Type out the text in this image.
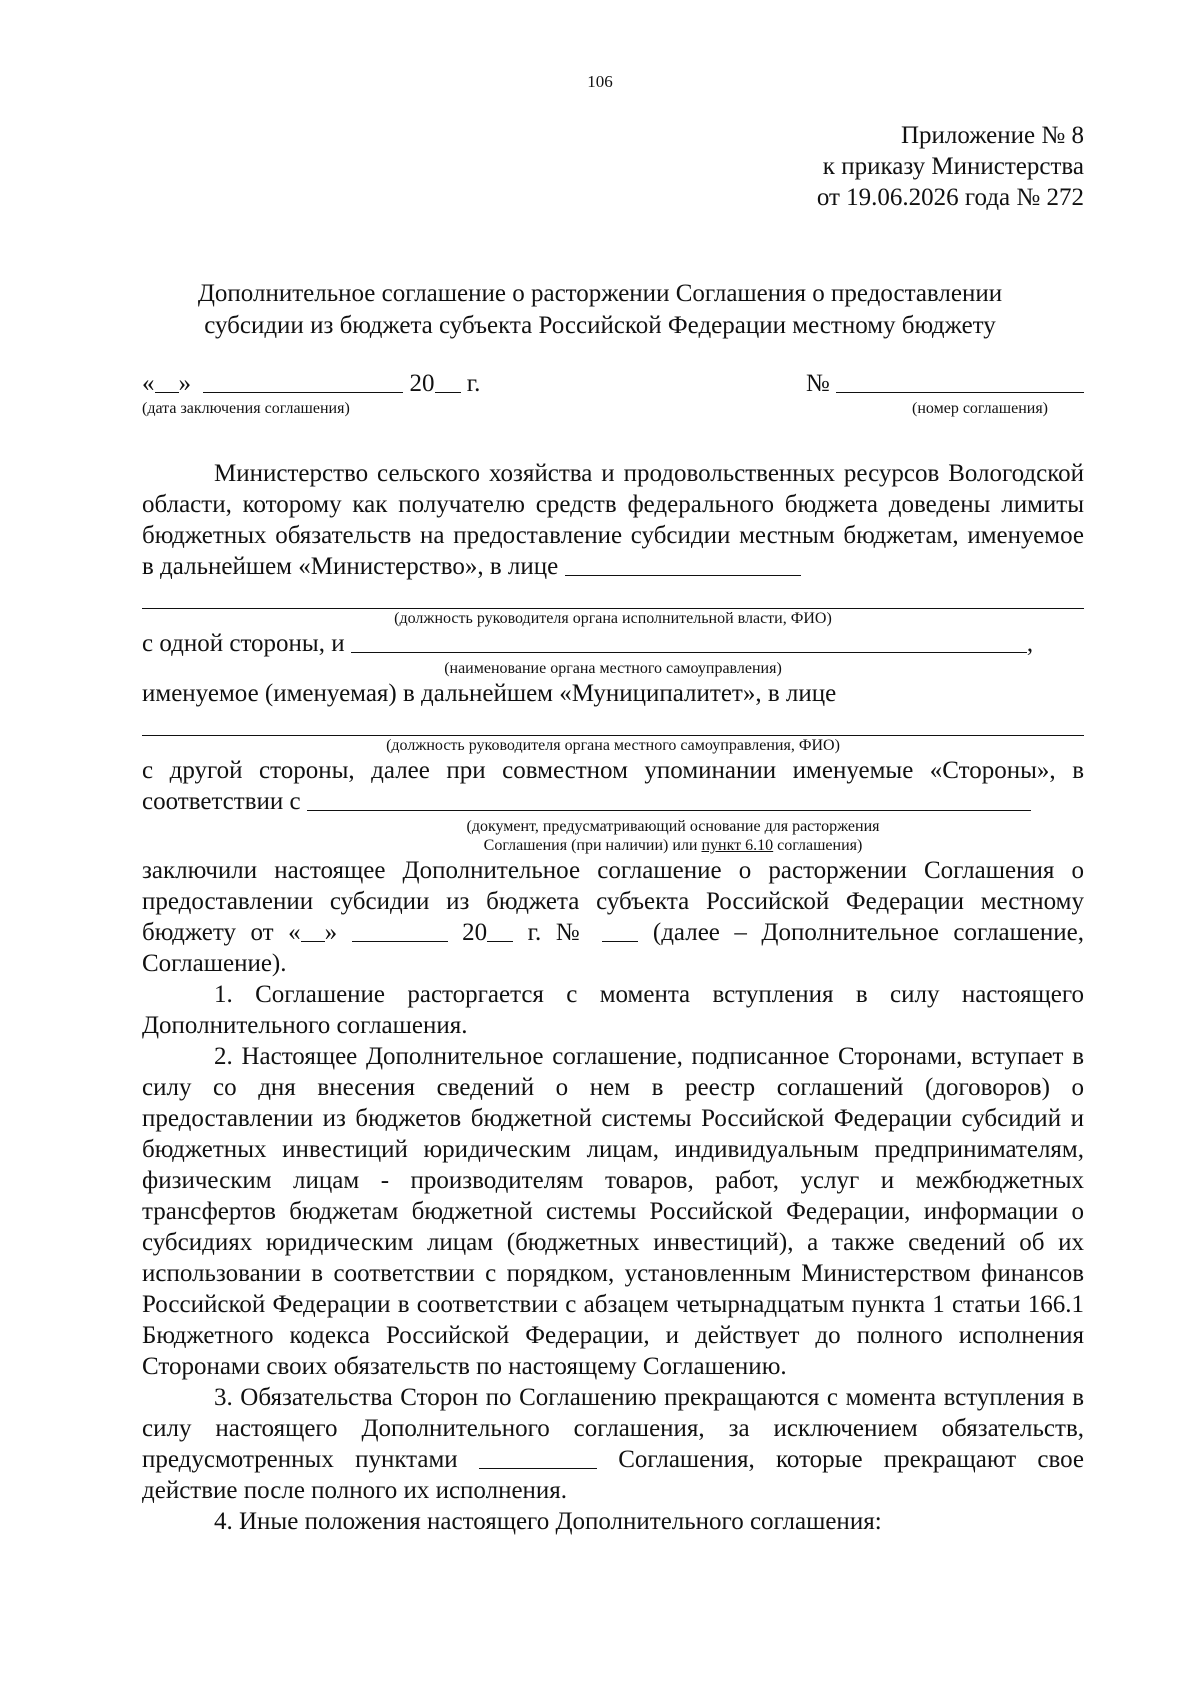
106
Приложение № 8
к приказу Министерства
от 19.06.2026 года № 272
Дополнительное соглашение о расторжении Соглашения о предоставлении
субсидии из бюджета субъекта Российской Федерации местному бюджету
« »	20 г.	№
(дата заключения соглашения)	(номер соглашения)

Министерство сельского хозяйства и продовольственных ресурсов Вологодской области, которому как получателю средств федерального бюджета доведены лимиты бюджетных обязательств на предоставление субсидии местным бюджетам, именуемое в дальнейшем «Министерство», в лице

(должность руководителя органа исполнительной власти, ФИО)

с одной стороны, и	,

(наименование органа местного самоуправления)

именуемое (именуемая) в дальнейшем «Муниципалитет», в лице

(должность руководителя органа местного самоуправления, ФИО)

с другой стороны, далее при совместном упоминании именуемые «Стороны», в соответствии с

(документ, предусматривающий основание для расторжения
Соглашения (при наличии) или пункт 6.10 соглашения)

заключили настоящее Дополнительное соглашение о расторжении Соглашения о предоставлении субсидии из бюджета субъекта Российской Федерации местному бюджету от « »	20 г. №	(далее – Дополнительное соглашение, Соглашение).

1. Соглашение расторгается с момента вступления в силу настоящего Дополнительного соглашения.

2. Настоящее Дополнительное соглашение, подписанное Сторонами, вступает в силу со дня внесения сведений о нем в реестр соглашений (договоров) о предоставлении из бюджетов бюджетной системы Российской Федерации субсидий и бюджетных инвестиций юридическим лицам, индивидуальным предпринимателям, физическим лицам - производителям товаров, работ, услуг и межбюджетных трансфертов бюджетам бюджетной системы Российской Федерации, информации о субсидиях юридическим лицам (бюджетных инвестиций), а также сведений об их использовании в соответствии с порядком, установленным Министерством финансов Российской Федерации в соответствии с абзацем четырнадцатым пункта 1 статьи 166.1 Бюджетного кодекса Российской Федерации, и действует до полного исполнения Сторонами своих обязательств по настоящему Соглашению.

3. Обязательства Сторон по Соглашению прекращаются с момента вступления в силу настоящего Дополнительного соглашения, за исключением обязательств, предусмотренных пунктами	Соглашения, которые прекращают свое действие после полного их исполнения.

4. Иные положения настоящего Дополнительного соглашения:
